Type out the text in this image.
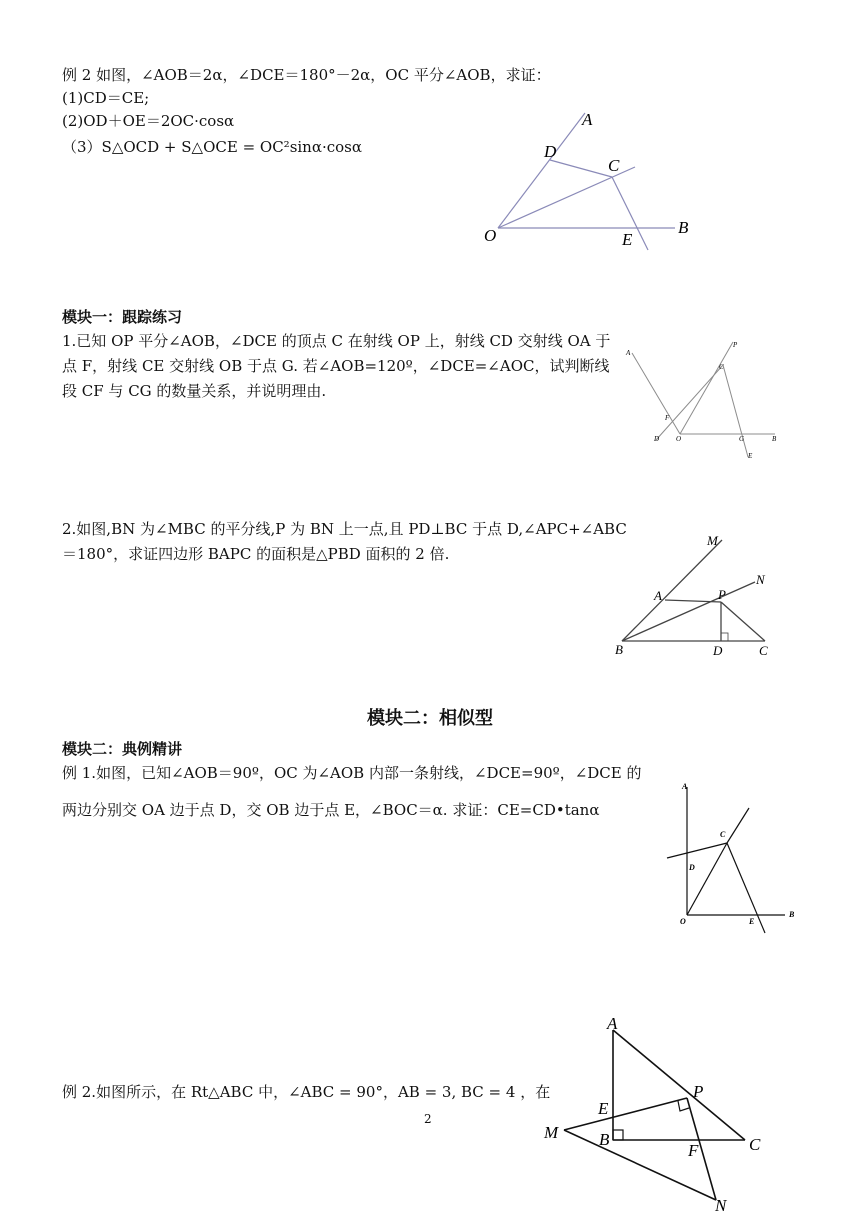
例 2 如图，∠AOB＝2α，∠DCE＝180°－2α，OC 平分∠AOB，求证：
(1)CD＝CE;
(2)OD＋OE＝2OC·cosα
（3）S△OCD + S△OCE = OC²sinα·cosα
A
D
C
O	E
B
模块一：跟踪练习
1.已知 OP 平分∠AOB，∠DCE 的顶点 C 在射线 OP 上，射线 CD 交射线 OA 于
点 F，射线 CE 交射线 OB 于点 G. 若∠AOB=120º，∠DCE=∠AOC，试判断线
段 CF 与 CG 的数量关系，并说明理由.
A
P
C
F
D O	G	B
E
2.如图,BN 为∠MBC 的平分线,P 为 BN 上一点,且 PD⊥BC 于点 D,∠APC+∠ABC
＝180°，求证四边形 BAPC 的面积是△PBD 面积的 2 倍.
M
N
A	P
B	D	C
模块二：相似型
模块二：典例精讲
例 1.如图，已知∠AOB＝90º，OC 为∠AOB 内部一条射线，∠DCE=90º，∠DCE 的
两边分别交 OA 边于点 D，交 OB 边于点 E，∠BOC＝α. 求证：CE=CD•tanα
A
C
D
O	E
B
例 2.如图所示，在 Rt△ABC 中，∠ABC = 90°，AB = 3, BC = 4 ，在
A
P
E
M B	C
F
N
2
